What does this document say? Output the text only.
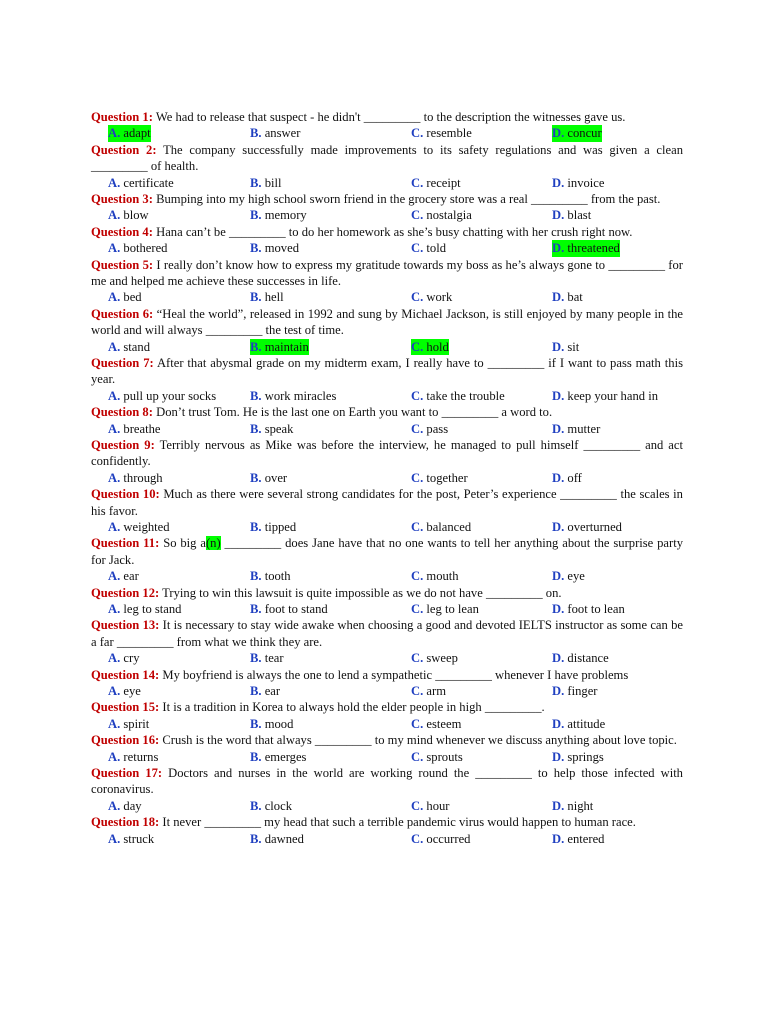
Question 1: We had to release that suspect - he didn't _________ to the description the witnesses gave us.
A. adapt	B. answer	C. resemble	D. concur
Question 2: The company successfully made improvements to its safety regulations and was given a clean _________ of health.
A. certificate	B. bill	C. receipt	D. invoice
Question 3: Bumping into my high school sworn friend in the grocery store was a real _________ from the past.
A. blow	B. memory	C. nostalgia	D. blast
Question 4: Hana can’t be _________ to do her homework as she’s busy chatting with her crush right now.
A. bothered	B. moved	C. told	D. threatened
Question 5: I really don’t know how to express my gratitude towards my boss as he’s always gone to _________ for me and helped me achieve these successes in life.
A. bed	B. hell	C. work	D. bat
Question 6: “Heal the world”, released in 1992 and sung by Michael Jackson, is still enjoyed by many people in the world and will always _________ the test of time.
A. stand	B. maintain	C. hold	D. sit
Question 7: After that abysmal grade on my midterm exam, I really have to _________ if I want to pass math this year.
A. pull up your socks	B. work miracles	C. take the trouble	D. keep your hand in
Question 8: Don’t trust Tom. He is the last one on Earth you want to _________ a word to.
A. breathe	B. speak	C. pass	D. mutter
Question 9: Terribly nervous as Mike was before the interview, he managed to pull himself _________ and act confidently.
A. through	B. over	C. together	D. off
Question 10: Much as there were several strong candidates for the post, Peter’s experience _________ the scales in his favor.
A. weighted	B. tipped	C. balanced	D. overturned
Question 11: So big a(n) _________ does Jane have that no one wants to tell her anything about the surprise party for Jack.
A. ear	B. tooth	C. mouth	D. eye
Question 12: Trying to win this lawsuit is quite impossible as we do not have _________ on.
A. leg to stand	B. foot to stand	C. leg to lean	D. foot to lean
Question 13: It is necessary to stay wide awake when choosing a good and devoted IELTS instructor as some can be a far _________ from what we think they are.
A. cry	B. tear	C. sweep	D. distance
Question 14: My boyfriend is always the one to lend a sympathetic _________ whenever I have problems
A. eye	B. ear	C. arm	D. finger
Question 15: It is a tradition in Korea to always hold the elder people in high _________.
A. spirit	B. mood	C. esteem	D. attitude
Question 16: Crush is the word that always _________ to my mind whenever we discuss anything about love topic.
A. returns	B. emerges	C. sprouts	D. springs
Question 17: Doctors and nurses in the world are working round the _________ to help those infected with coronavirus.
A. day	B. clock	C. hour	D. night
Question 18: It never _________ my head that such a terrible pandemic virus would happen to human race.
A. struck	B. dawned	C. occurred	D. entered
